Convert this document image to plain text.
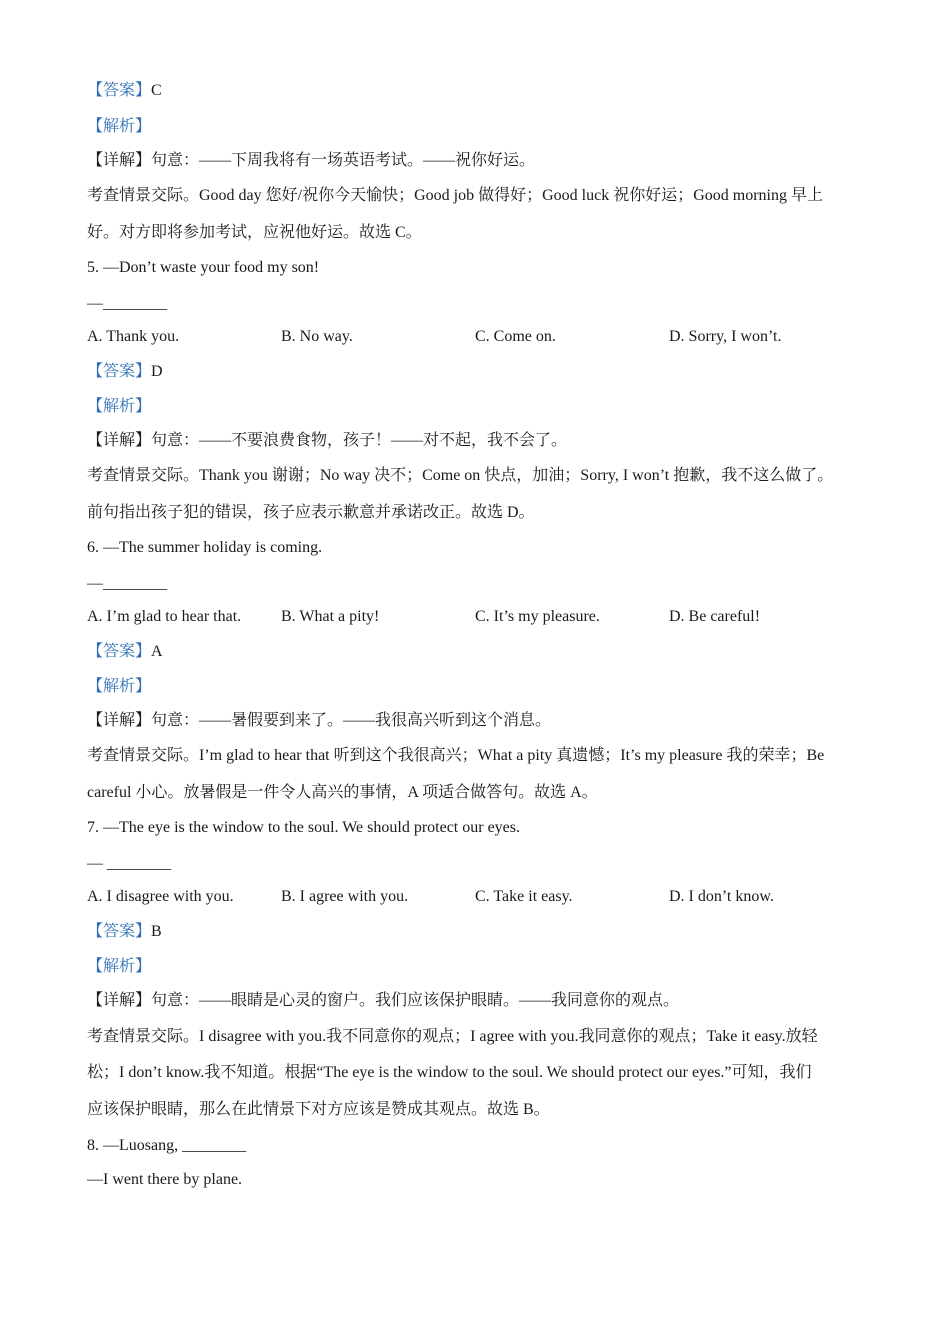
【答案】C
【解析】
【详解】句意：——下周我将有一场英语考试。——祝你好运。
考查情景交际。Good day 您好/祝你今天愉快；Good job 做得好；Good luck 祝你好运；Good morning 早上
好。对方即将参加考试，应祝他好运。故选 C。
5. —Don’t waste your food my son!
—________
A. Thank you.	B. No way.	C. Come on.	D. Sorry, I won’t.
【答案】D
【解析】
【详解】句意：——不要浪费食物，孩子！——对不起，我不会了。
考查情景交际。Thank you 谢谢；No way 决不；Come on 快点，加油；Sorry, I won’t 抱歉，我不这么做了。
前句指出孩子犯的错误，孩子应表示歉意并承诺改正。故选 D。
6. —The summer holiday is coming.
—________
A. I’m glad to hear that. B. What a pity!	C. It’s my pleasure.	D. Be careful!
【答案】A
【解析】
【详解】句意：——暑假要到来了。——我很高兴听到这个消息。
考查情景交际。I’m glad to hear that 听到这个我很高兴；What a pity 真遗憾；It’s my pleasure 我的荣幸；Be
careful 小心。放暑假是一件令人高兴的事情，A 项适合做答句。故选 A。
7. —The eye is the window to the soul. We should protect our eyes.
— ________
A. I disagree with you.	B. I agree with you.	C. Take it easy.	D. I don’t know.
【答案】B
【解析】
【详解】句意：——眼睛是心灵的窗户。我们应该保护眼睛。——我同意你的观点。
考查情景交际。I disagree with you.我不同意你的观点；I agree with you.我同意你的观点；Take it easy.放轻
松；I don’t know.我不知道。根据“The eye is the window to the soul. We should protect our eyes.”可知，我们
应该保护眼睛，那么在此情景下对方应该是赞成其观点。故选 B。
8. —Luosang, ________
—I went there by plane.
